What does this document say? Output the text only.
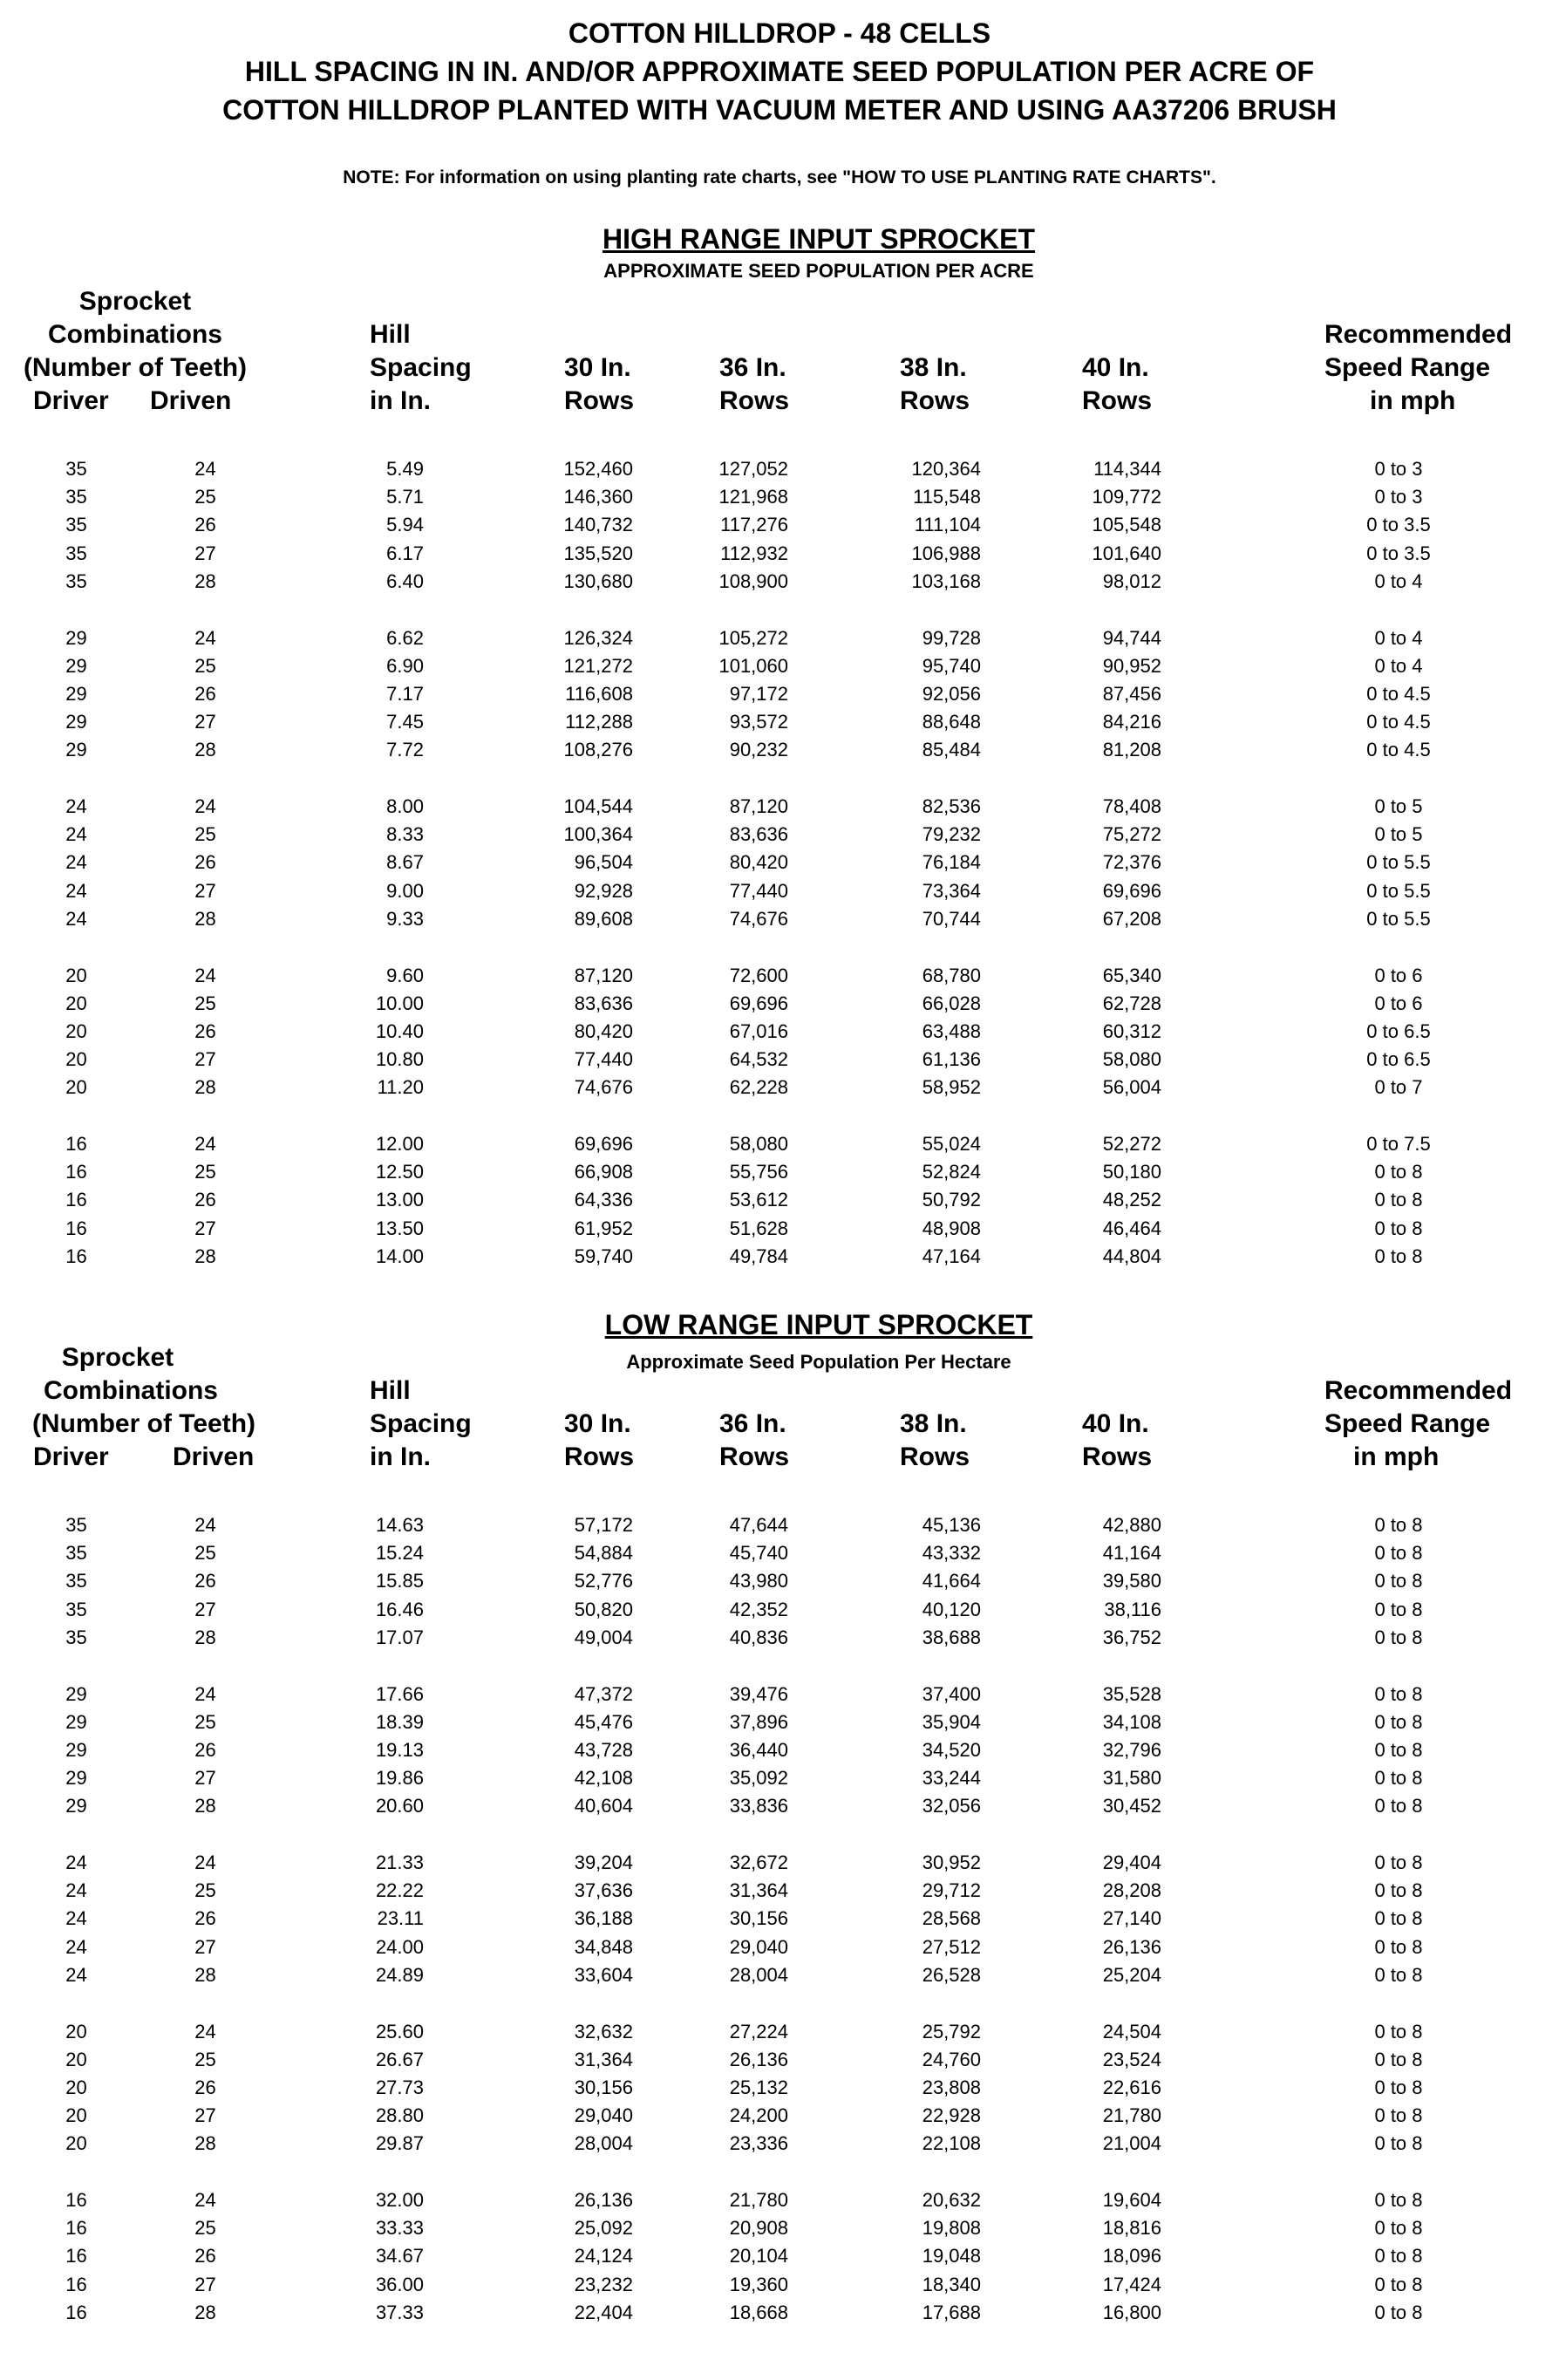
COTTON HILLDROP - 48 CELLS
HILL SPACING IN IN. AND/OR APPROXIMATE SEED POPULATION PER ACRE OF
COTTON HILLDROP PLANTED WITH VACUUM METER AND USING AA37206 BRUSH
NOTE: For information on using planting rate charts, see "HOW TO USE PLANTING RATE CHARTS".
HIGH RANGE INPUT SPROCKET
APPROXIMATE SEED POPULATION PER ACRE
Sprocket
Combinations
(Number of Teeth)
Driver Driven
Hill
Spacing
in In.
30 In.
Rows
36 In.
Rows
38 In.
Rows
40 In.
Rows
Recommended
Speed Range
in mph
35	24	5.49	152,460	127,052	120,364	114,344	0 to 3
35	25	5.71	146,360	121,968	115,548	109,772	0 to 3
35	26	5.94	140,732	117,276	111,104	105,548	0 to 3.5
35	27	6.17	135,520	112,932	106,988	101,640	0 to 3.5
35	28	6.40	130,680	108,900	103,168	98,012	0 to 4
29	24	6.62	126,324	105,272	99,728	94,744	0 to 4
29	25	6.90	121,272	101,060	95,740	90,952	0 to 4
29	26	7.17	116,608	97,172	92,056	87,456	0 to 4.5
29	27	7.45	112,288	93,572	88,648	84,216	0 to 4.5
29	28	7.72	108,276	90,232	85,484	81,208	0 to 4.5
24	24	8.00	104,544	87,120	82,536	78,408	0 to 5
24	25	8.33	100,364	83,636	79,232	75,272	0 to 5
24	26	8.67	96,504	80,420	76,184	72,376	0 to 5.5
24	27	9.00	92,928	77,440	73,364	69,696	0 to 5.5
24	28	9.33	89,608	74,676	70,744	67,208	0 to 5.5
20	24	9.60	87,120	72,600	68,780	65,340	0 to 6
20	25	10.00	83,636	69,696	66,028	62,728	0 to 6
20	26	10.40	80,420	67,016	63,488	60,312	0 to 6.5
20	27	10.80	77,440	64,532	61,136	58,080	0 to 6.5
20	28	11.20	74,676	62,228	58,952	56,004	0 to 7
16	24	12.00	69,696	58,080	55,024	52,272	0 to 7.5
16	25	12.50	66,908	55,756	52,824	50,180	0 to 8
16	26	13.00	64,336	53,612	50,792	48,252	0 to 8
16	27	13.50	61,952	51,628	48,908	46,464	0 to 8
16	28	14.00	59,740	49,784	47,164	44,804	0 to 8
LOW RANGE INPUT SPROCKET
Approximate Seed Population Per Hectare
Sprocket
Combinations
(Number of Teeth)
Driver Driven
Hill
Spacing
in In.
30 In.
Rows
36 In.
Rows
38 In.
Rows
40 In.
Rows
Recommended
Speed Range
in mph
35	24	14.63	57,172	47,644	45,136	42,880	0 to 8
35	25	15.24	54,884	45,740	43,332	41,164	0 to 8
35	26	15.85	52,776	43,980	41,664	39,580	0 to 8
35	27	16.46	50,820	42,352	40,120	38,116	0 to 8
35	28	17.07	49,004	40,836	38,688	36,752	0 to 8
29	24	17.66	47,372	39,476	37,400	35,528	0 to 8
29	25	18.39	45,476	37,896	35,904	34,108	0 to 8
29	26	19.13	43,728	36,440	34,520	32,796	0 to 8
29	27	19.86	42,108	35,092	33,244	31,580	0 to 8
29	28	20.60	40,604	33,836	32,056	30,452	0 to 8
24	24	21.33	39,204	32,672	30,952	29,404	0 to 8
24	25	22.22	37,636	31,364	29,712	28,208	0 to 8
24	26	23.11	36,188	30,156	28,568	27,140	0 to 8
24	27	24.00	34,848	29,040	27,512	26,136	0 to 8
24	28	24.89	33,604	28,004	26,528	25,204	0 to 8
20	24	25.60	32,632	27,224	25,792	24,504	0 to 8
20	25	26.67	31,364	26,136	24,760	23,524	0 to 8
20	26	27.73	30,156	25,132	23,808	22,616	0 to 8
20	27	28.80	29,040	24,200	22,928	21,780	0 to 8
20	28	29.87	28,004	23,336	22,108	21,004	0 to 8
16	24	32.00	26,136	21,780	20,632	19,604	0 to 8
16	25	33.33	25,092	20,908	19,808	18,816	0 to 8
16	26	34.67	24,124	20,104	19,048	18,096	0 to 8
16	27	36.00	23,232	19,360	18,340	17,424	0 to 8
16	28	37.33	22,404	18,668	17,688	16,800	0 to 8
